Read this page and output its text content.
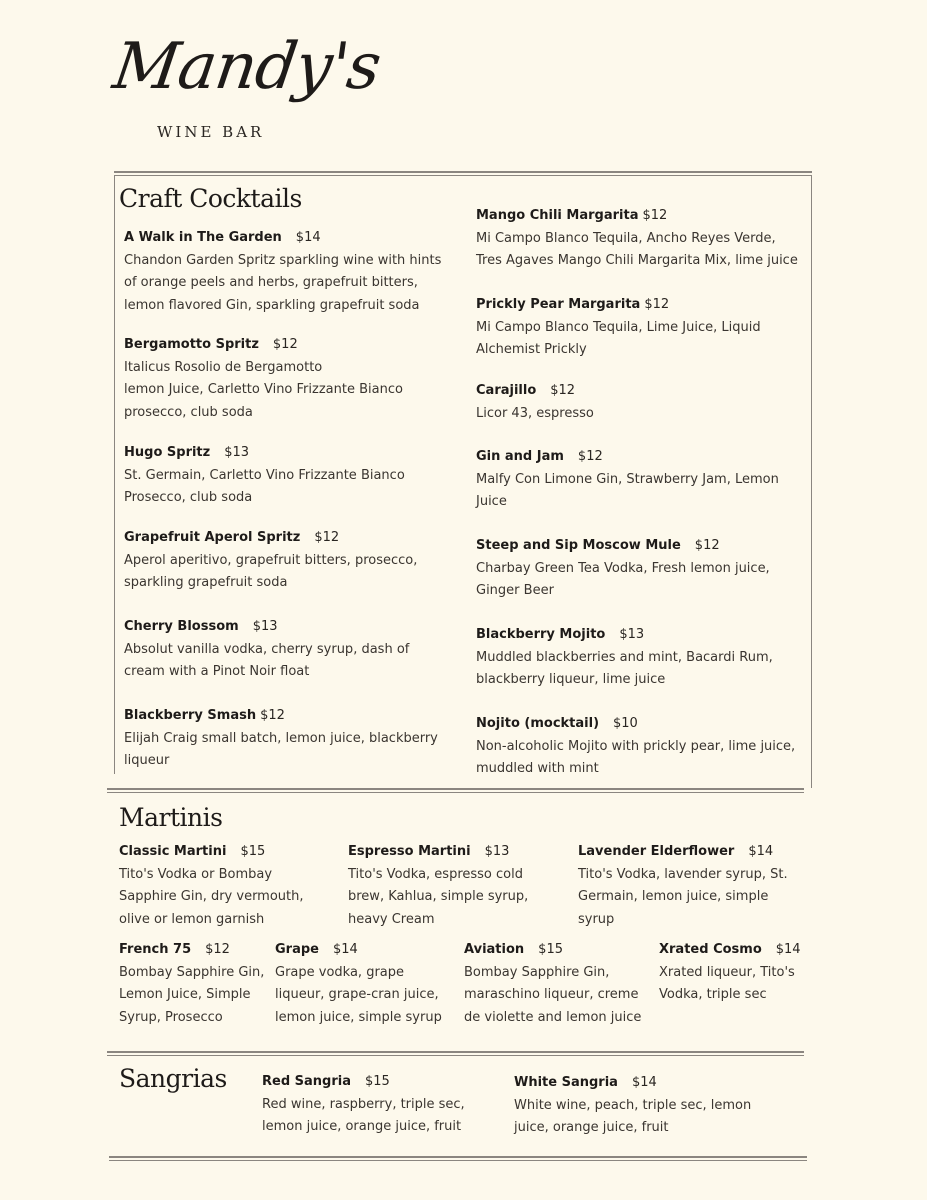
Mandy's
WINE BAR
Craft Cocktails
A Walk in The Garden $14
Chandon Garden Spritz sparkling wine with hints
of orange peels and herbs, grapefruit bitters,
lemon flavored Gin, sparkling grapefruit soda
Bergamotto Spritz $12
Italicus Rosolio de Bergamotto
lemon Juice, Carletto Vino Frizzante Bianco
prosecco, club soda
Hugo Spritz $13
St. Germain, Carletto Vino Frizzante Bianco
Prosecco, club soda
Grapefruit Aperol Spritz $12
Aperol aperitivo, grapefruit bitters, prosecco,
sparkling grapefruit soda
Cherry Blossom $13
Absolut vanilla vodka, cherry syrup, dash of
cream with a Pinot Noir float
Blackberry Smash $12
Elijah Craig small batch, lemon juice, blackberry
liqueur
Mango Chili Margarita $12
Mi Campo Blanco Tequila, Ancho Reyes Verde,
Tres Agaves Mango Chili Margarita Mix, lime juice
Prickly Pear Margarita $12
Mi Campo Blanco Tequila, Lime Juice, Liquid
Alchemist Prickly
Carajillo $12
Licor 43, espresso
Gin and Jam $12
Malfy Con Limone Gin, Strawberry Jam, Lemon
Juice
Steep and Sip Moscow Mule $12
Charbay Green Tea Vodka, Fresh lemon juice,
Ginger Beer
Blackberry Mojito $13
Muddled blackberries and mint, Bacardi Rum,
blackberry liqueur, lime juice
Nojito (mocktail) $10
Non-alcoholic Mojito with prickly pear, lime juice,
muddled with mint
Martinis
Classic Martini $15
Tito's Vodka or Bombay
Sapphire Gin, dry vermouth,
olive or lemon garnish
Espresso Martini $13
Tito's Vodka, espresso cold
brew, Kahlua, simple syrup,
heavy Cream
Lavender Elderflower $14
Tito's Vodka, lavender syrup, St.
Germain, lemon juice, simple
syrup
French 75 $12
Bombay Sapphire Gin,
Lemon Juice, Simple
Syrup, Prosecco
Grape $14
Grape vodka, grape
liqueur, grape-cran juice,
lemon juice, simple syrup
Aviation $15
Bombay Sapphire Gin,
maraschino liqueur, creme
de violette and lemon juice
Xrated Cosmo $14
Xrated liqueur, Tito's
Vodka, triple sec
Sangrias	Red Sangria $15
Red wine, raspberry, triple sec,
lemon juice, orange juice, fruit
White Sangria $14
White wine, peach, triple sec, lemon
juice, orange juice, fruit
